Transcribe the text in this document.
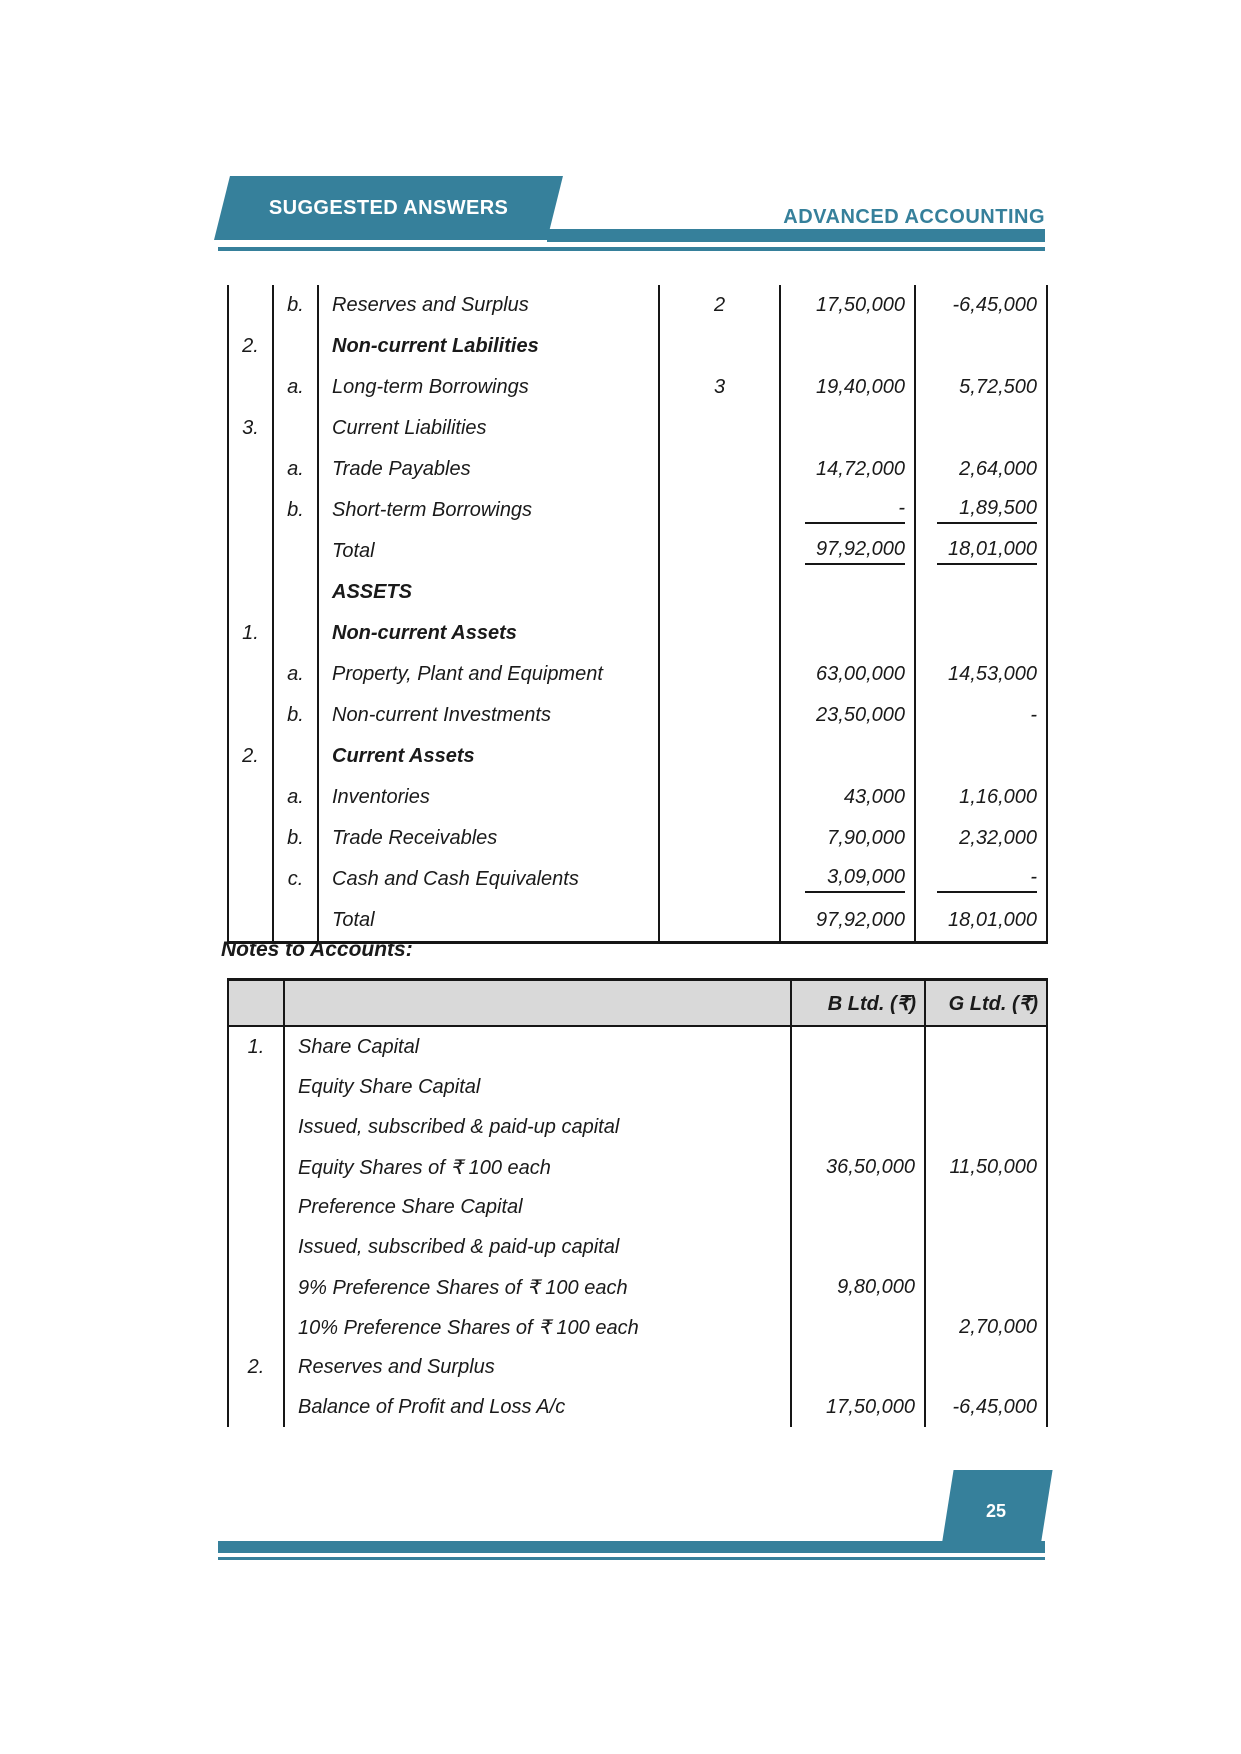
SUGGESTED ANSWERS	ADVANCED ACCOUNTING
	b.	Reserves and Surplus	2	17,50,000	-6,45,000
2.		Non-current Labilities			
	a.	Long-term Borrowings	3	19,40,000	5,72,500
3.		Current Liabilities			
	a.	Trade Payables		14,72,000	2,64,000
	b.	Short-term Borrowings		-	1,89,500
		Total		97,92,000	18,01,000
		ASSETS			
1.		Non-current Assets			
	a.	Property, Plant and Equipment		63,00,000	14,53,000
	b.	Non-current Investments		23,50,000	-
2.		Current Assets			
	a.	Inventories		43,000	1,16,000
	b.	Trade Receivables		7,90,000	2,32,000
	c.	Cash and Cash Equivalents		3,09,000	-
		Total		97,92,000	18,01,000
Notes to Accounts:
		B Ltd. (₹)	G Ltd. (₹)
1.	Share Capital		
	Equity Share Capital		
	Issued, subscribed & paid-up capital		
	Equity Shares of ₹ 100 each	36,50,000	11,50,000
	Preference Share Capital		
	Issued, subscribed & paid-up capital		
	9% Preference Shares of ₹ 100 each	9,80,000	
	10% Preference Shares of ₹ 100 each		2,70,000
2.	Reserves and Surplus		
	Balance of Profit and Loss A/c	17,50,000	-6,45,000
25
